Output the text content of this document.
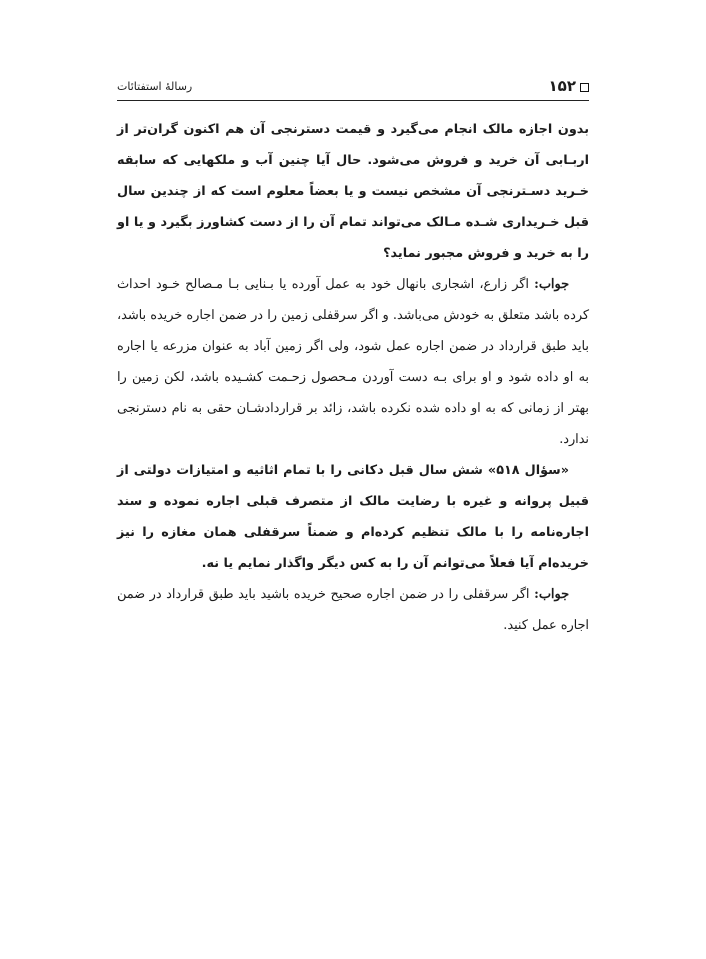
۱۵۲
رسالۀ استفتائات

بدون اجازه مالک انجام می‌گیرد و قیمت دسترنجی آن هم اکنون گران‌تر از اربـابی آن خرید و فروش می‌شود. حال آیا چنین آب و ملکهایی که سابقه خـرید دسـترنجی آن مشخص نیست و یا بعضاً معلوم است که از چندین سال قبل خـریداری شـده مـالک می‌تواند تمام آن را از دست کشاورز بگیرد و یا او را به خرید و فروش مجبور نماید؟

جواب: اگر زارع، اشجاری بانهال خود به عمل آورده یا بـنایی بـا مـصالح خـود احداث کرده باشد متعلق به خودش می‌باشد. و اگر سرقفلی زمین را در ضمن اجاره خریده باشد، باید طبق قرارداد در ضمن اجاره عمل شود، ولی اگر زمین آباد به عنوان مزرعه یا اجاره به او داده شود و او برای بـه دست آوردن مـحصول زحـمت کشـیده باشد، لکن زمین را بهتر از زمانی که به او داده شده نکرده باشد، زائد بر قراردادشـان حقی به نام دسترنجی ندارد.

«سؤال ۵۱۸» شش سال قبل دکانی را با تمام اثاثیه و امتیازات دولتی از قبیل پروانه و غیره با رضایت مالک از متصرف قبلی اجاره نموده و سند اجاره‌نامه را با مالک تنظیم کرده‌ام و ضمناً سرقفلی همان مغازه را نیز خریده‌ام آیا فعلاً می‌توانم آن را به کس دیگر واگذار نمایم یا نه.

جواب: اگر سرقفلی را در ضمن اجاره صحیح خریده باشید باید طبق قرارداد در ضمن اجاره عمل کنید.
